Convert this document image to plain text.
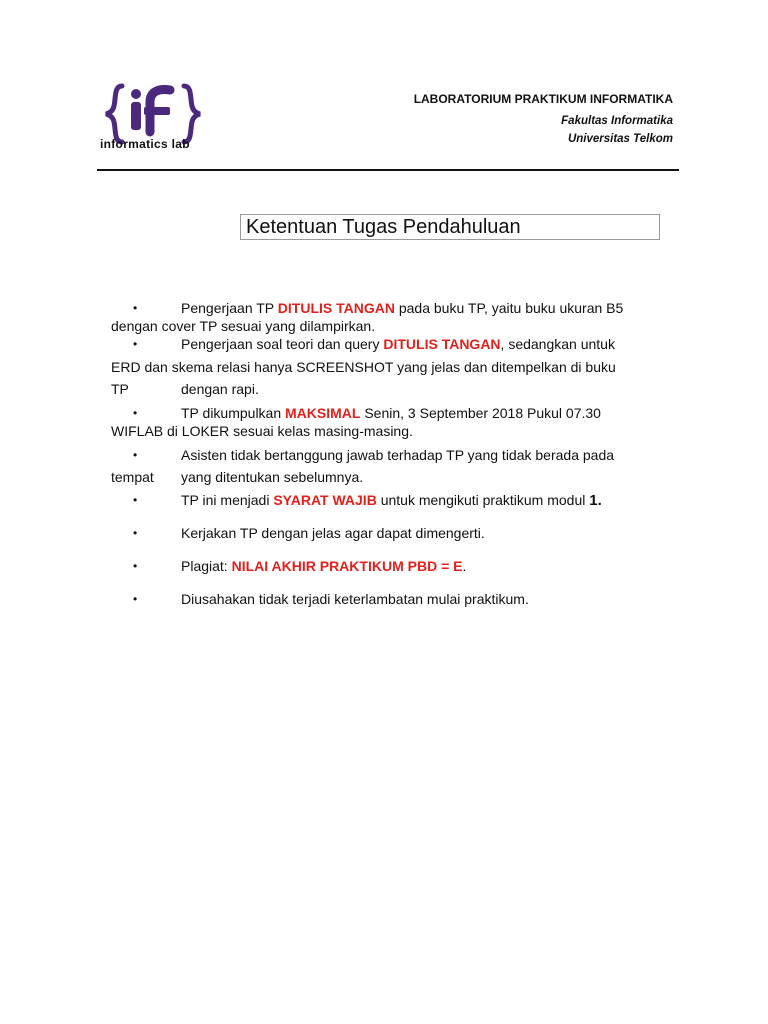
informatics lab
LABORATORIUM PRAKTIKUM INFORMATIKA
Fakultas Informatika
Universitas Telkom
Ketentuan Tugas Pendahuluan
•	Pengerjaan TP DITULIS TANGAN pada buku TP, yaitu buku ukuran B5
dengan cover TP sesuai yang dilampirkan.
•	Pengerjaan soal teori dan query DITULIS TANGAN, sedangkan untuk
ERD dan skema relasi hanya SCREENSHOT yang jelas dan ditempelkan di buku
TP	dengan rapi.
•	TP dikumpulkan MAKSIMAL Senin, 3 September 2018 Pukul 07.30
WIFLAB di LOKER sesuai kelas masing-masing.
•	Asisten tidak bertanggung jawab terhadap TP yang tidak berada pada
tempat yang ditentukan sebelumnya.
•	TP ini menjadi SYARAT WAJIB untuk mengikuti praktikum modul 1.
•	Kerjakan TP dengan jelas agar dapat dimengerti.
•	Plagiat: NILAI AKHIR PRAKTIKUM PBD = E.
•	Diusahakan tidak terjadi keterlambatan mulai praktikum.
